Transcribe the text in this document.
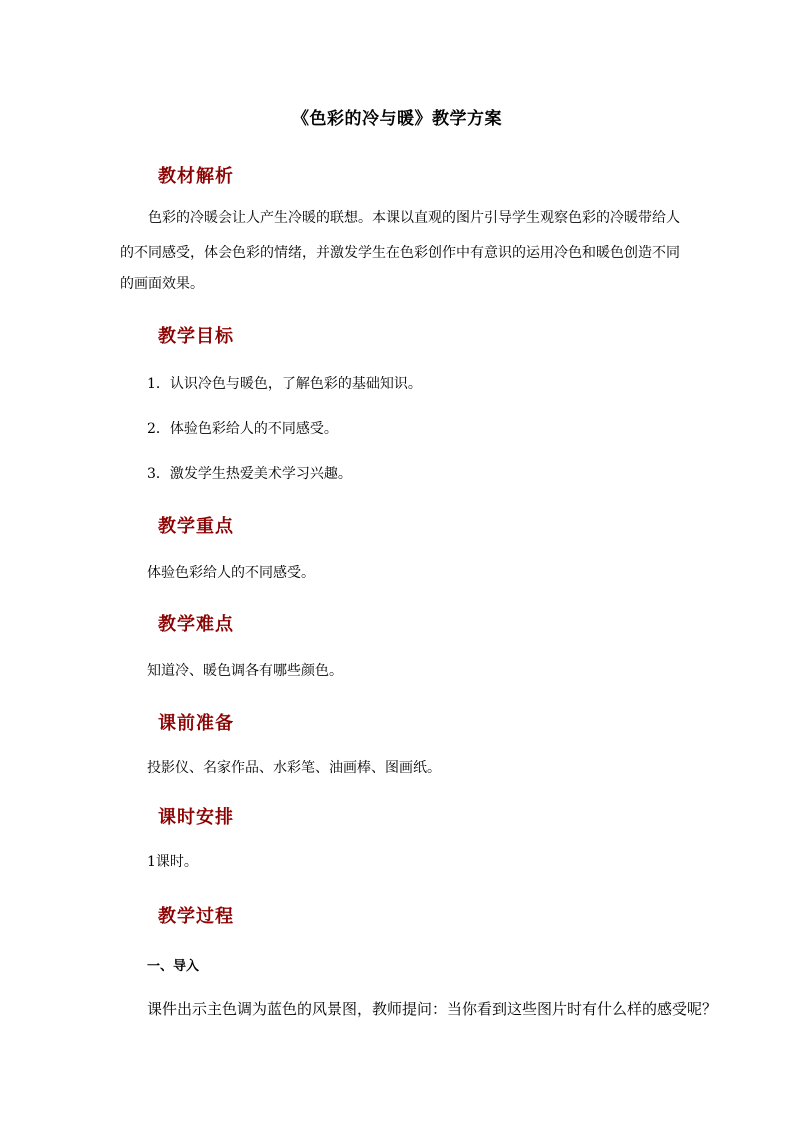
《色彩的冷与暖》教学方案
教材解析
色彩的冷暖会让人产生冷暖的联想。本课以直观的图片引导学生观察色彩的冷暖带给人
的不同感受，体会色彩的情绪，并激发学生在色彩创作中有意识的运用冷色和暖色创造不同
的画面效果。
教学目标
1．认识冷色与暖色，了解色彩的基础知识。
2．体验色彩给人的不同感受。
3．激发学生热爱美术学习兴趣。
教学重点
体验色彩给人的不同感受。
教学难点
知道冷、暖色调各有哪些颜色。
课前准备
投影仪、名家作品、水彩笔、油画棒、图画纸。
课时安排
1课时。
教学过程
一、导入
课件出示主色调为蓝色的风景图，教师提问：当你看到这些图片时有什么样的感受呢？
